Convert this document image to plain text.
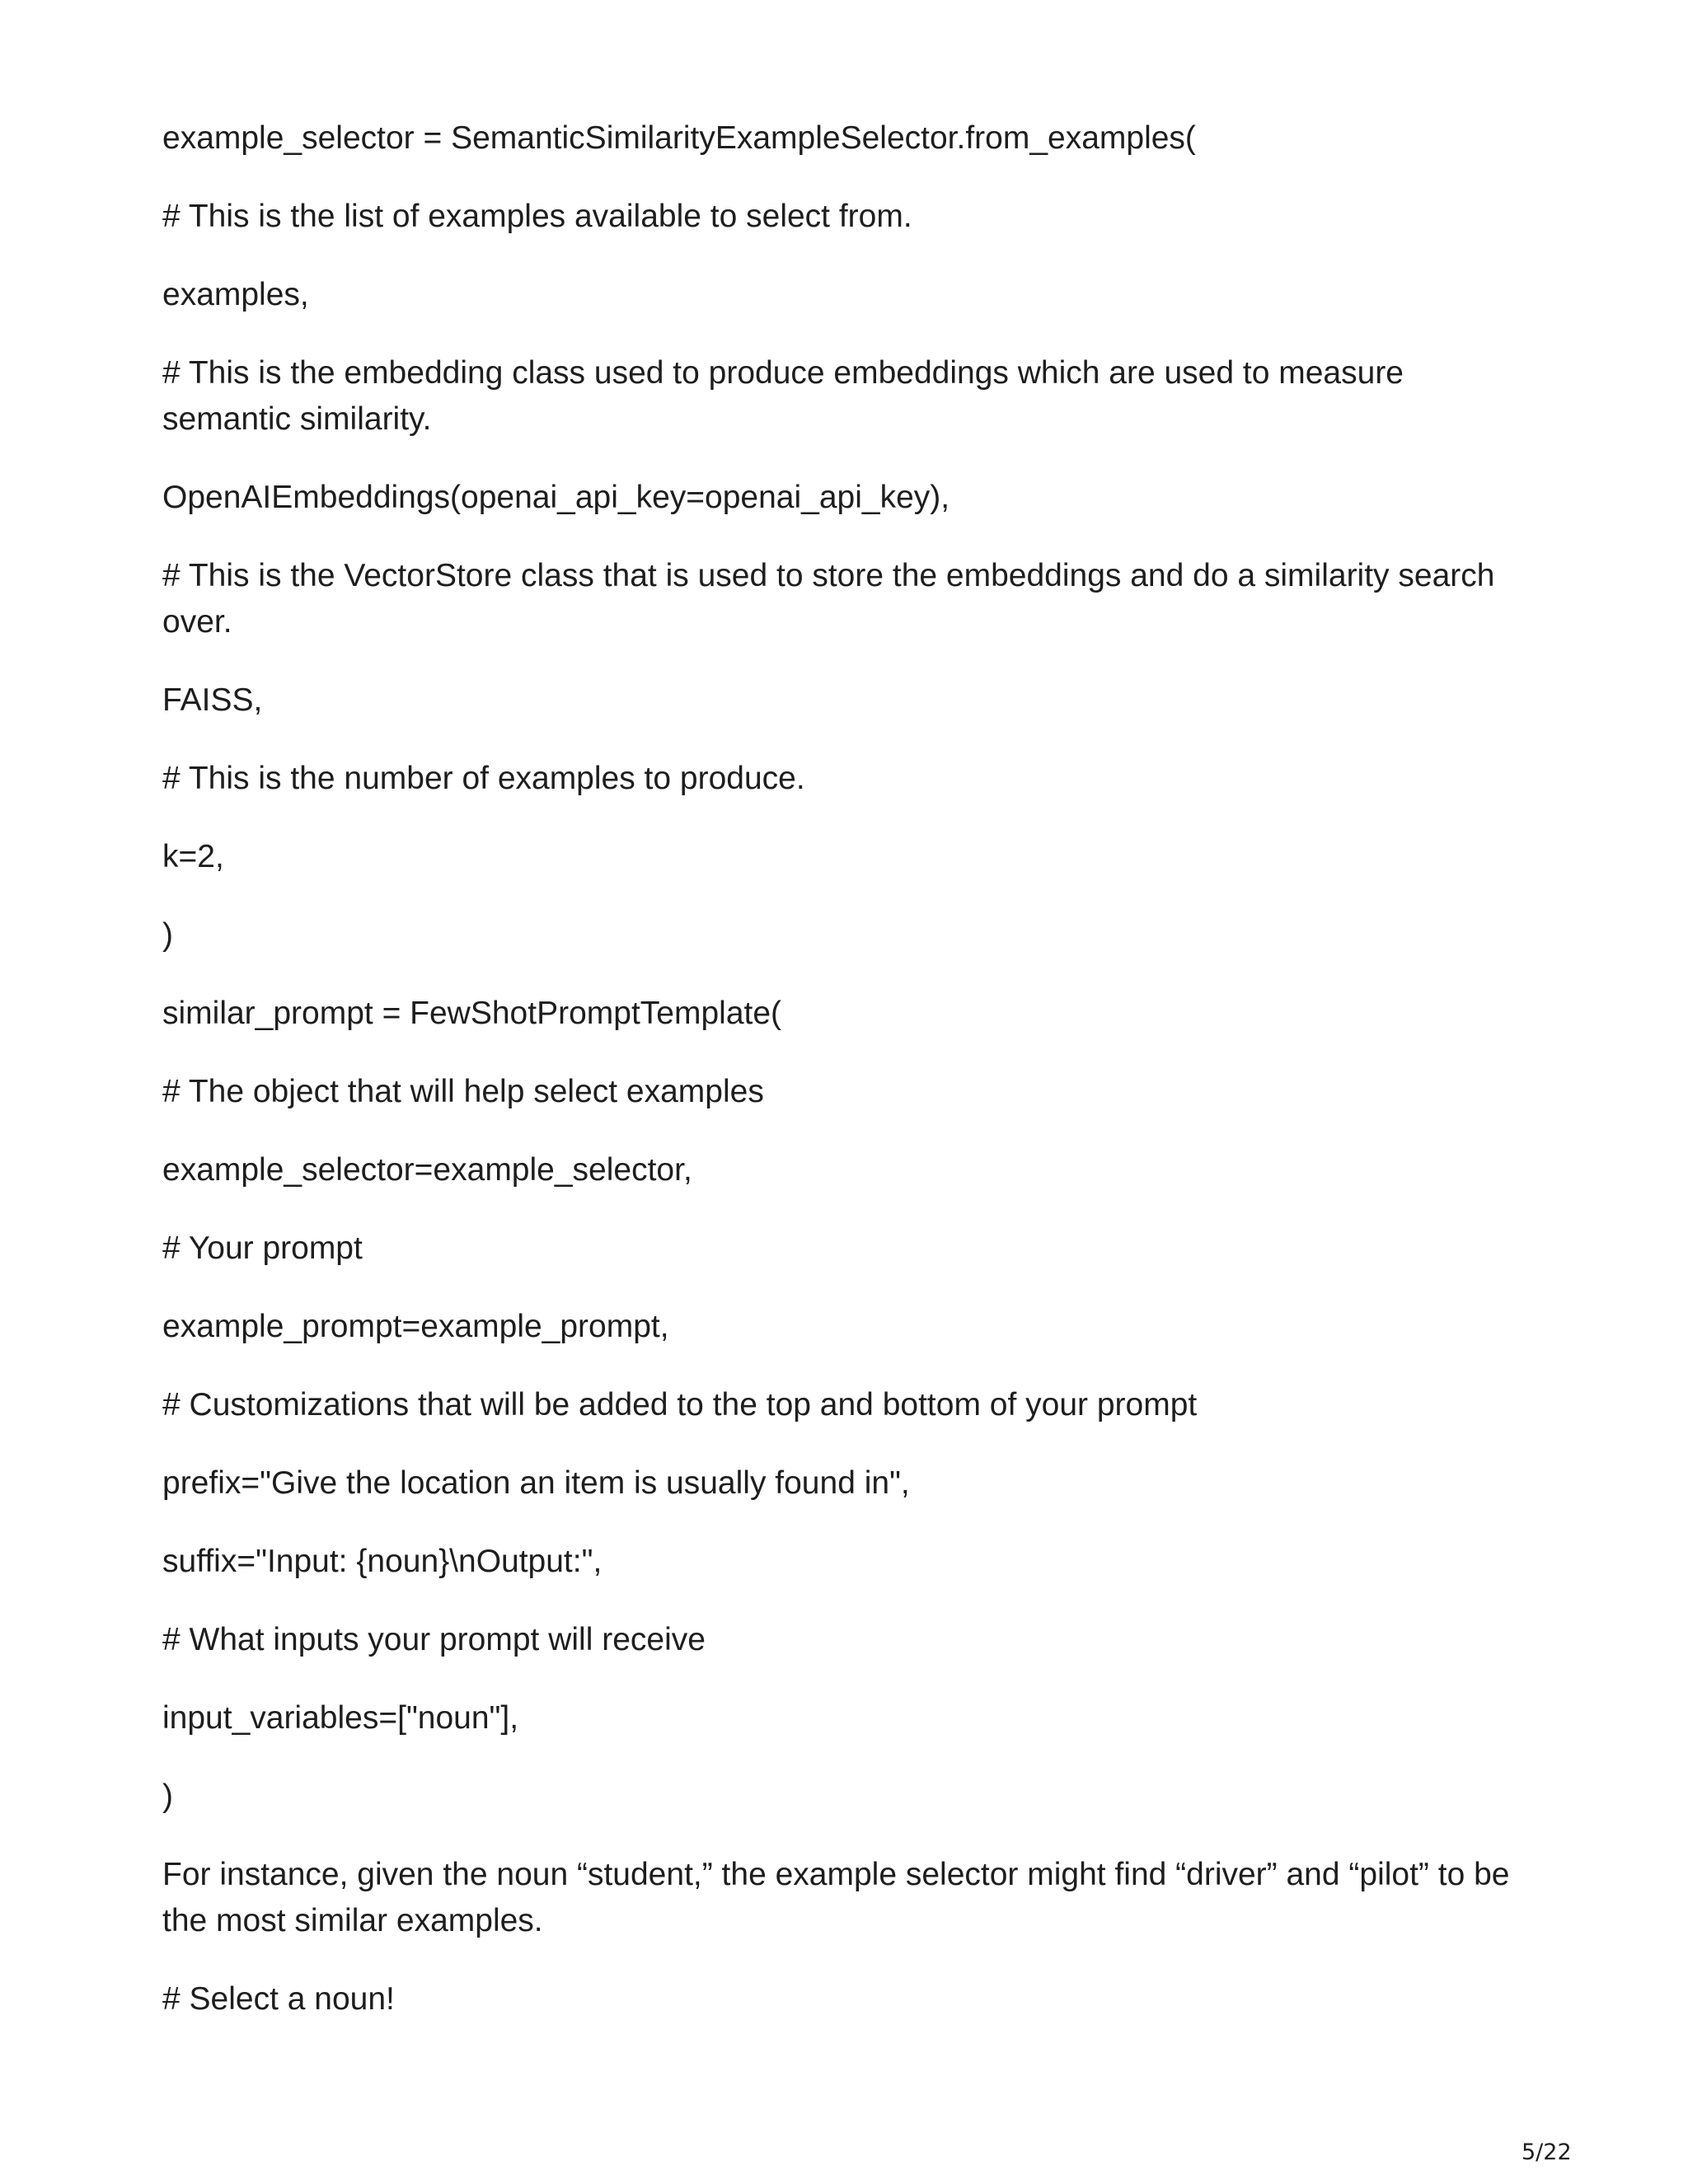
example_selector = SemanticSimilarityExampleSelector.from_examples(

# This is the list of examples available to select from.

examples,

# This is the embedding class used to produce embeddings which are used to measure semantic similarity.

OpenAIEmbeddings(openai_api_key=openai_api_key),

# This is the VectorStore class that is used to store the embeddings and do a similarity search over.

FAISS,

# This is the number of examples to produce.

k=2,

)

similar_prompt = FewShotPromptTemplate(

# The object that will help select examples

example_selector=example_selector,

# Your prompt

example_prompt=example_prompt,

# Customizations that will be added to the top and bottom of your prompt

prefix="Give the location an item is usually found in",

suffix="Input: {noun}\nOutput:",

# What inputs your prompt will receive

input_variables=["noun"],

)

For instance, given the noun “student,” the example selector might find “driver” and “pilot” to be the most similar examples.

# Select a noun!

5/22
